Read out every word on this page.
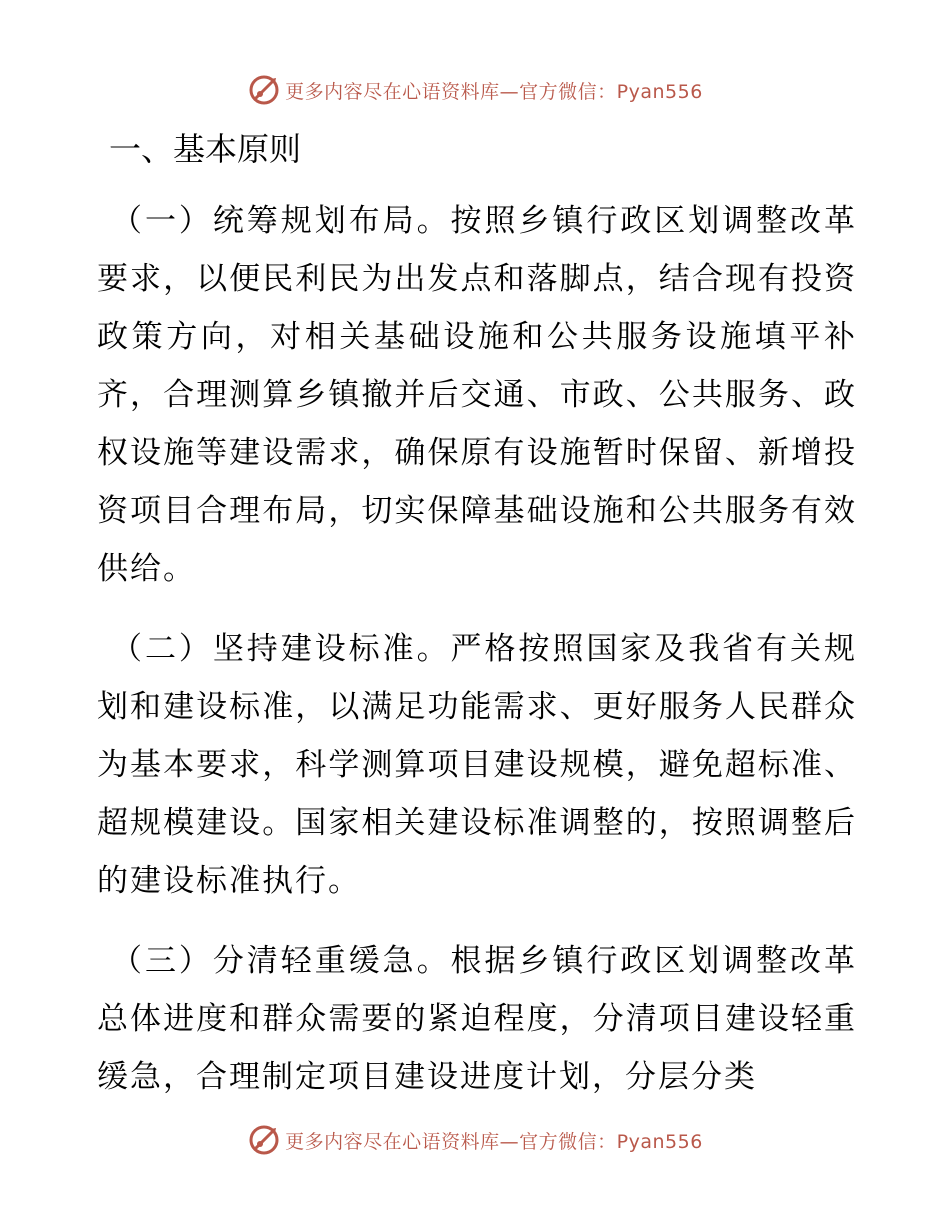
更多内容尽在心语资料库—官方微信：Pyan556
一、基本原则

（一）统筹规划布局。按照乡镇行政区划调整改革要求，以便民利民为出发点和落脚点，结合现有投资政策方向，对相关基础设施和公共服务设施填平补齐，合理测算乡镇撤并后交通、市政、公共服务、政权设施等建设需求，确保原有设施暂时保留、新增投资项目合理布局，切实保障基础设施和公共服务有效供给。

（二）坚持建设标准。严格按照国家及我省有关规划和建设标准，以满足功能需求、更好服务人民群众为基本要求，科学测算项目建设规模，避免超标准、超规模建设。国家相关建设标准调整的，按照调整后的建设标准执行。

（三）分清轻重缓急。根据乡镇行政区划调整改革总体进度和群众需要的紧迫程度，分清项目建设轻重缓急，合理制定项目建设进度计划，分层分类

更多内容尽在心语资料库—官方微信：Pyan556
